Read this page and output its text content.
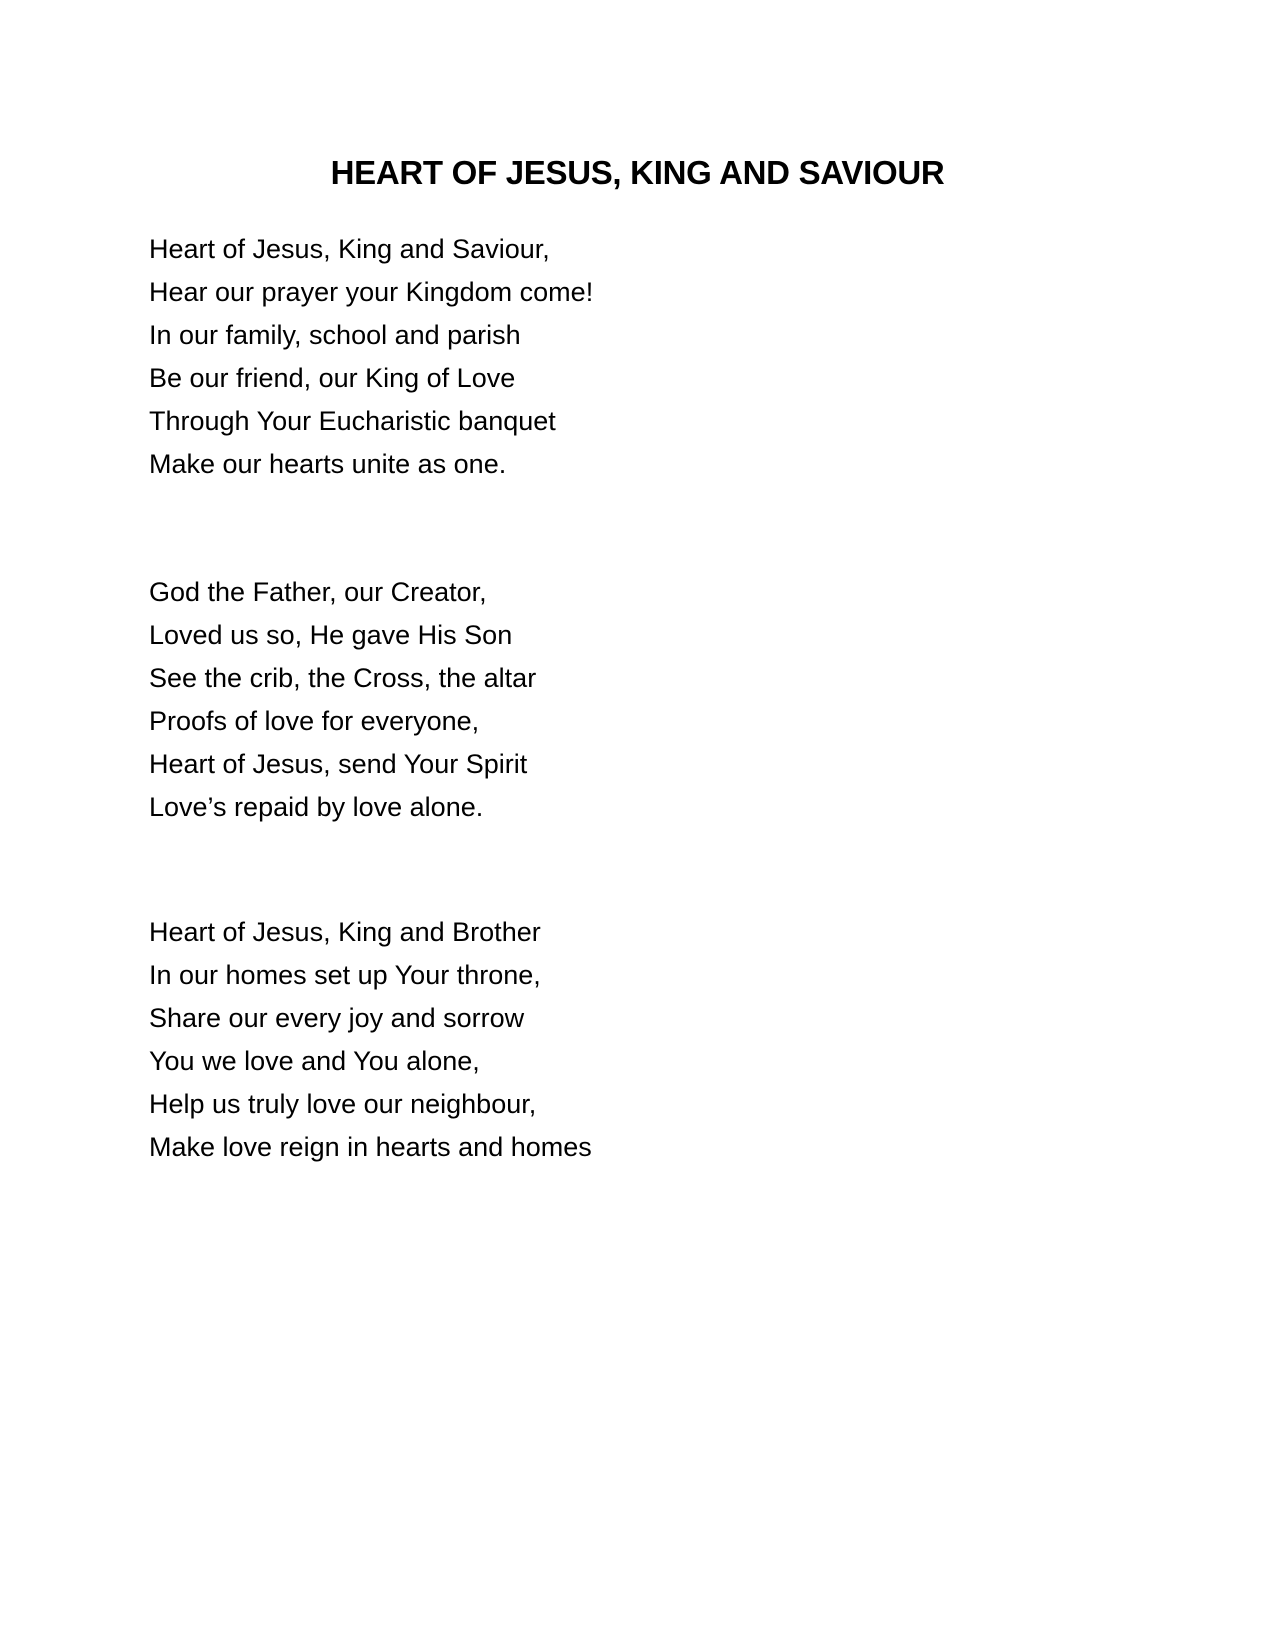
HEART OF JESUS, KING AND SAVIOUR
Heart of Jesus, King and Saviour,
Hear our prayer your Kingdom come!
In our family, school and parish
Be our friend, our King of Love
Through Your Eucharistic banquet
Make our hearts unite as one.
God the Father, our Creator,
Loved us so, He gave His Son
See the crib, the Cross, the altar
Proofs of love for everyone,
Heart of Jesus, send Your Spirit
Love’s repaid by love alone.
Heart of Jesus, King and Brother
In our homes set up Your throne,
Share our every joy and sorrow
You we love and You alone,
Help us truly love our neighbour,
Make love reign in hearts and homes
